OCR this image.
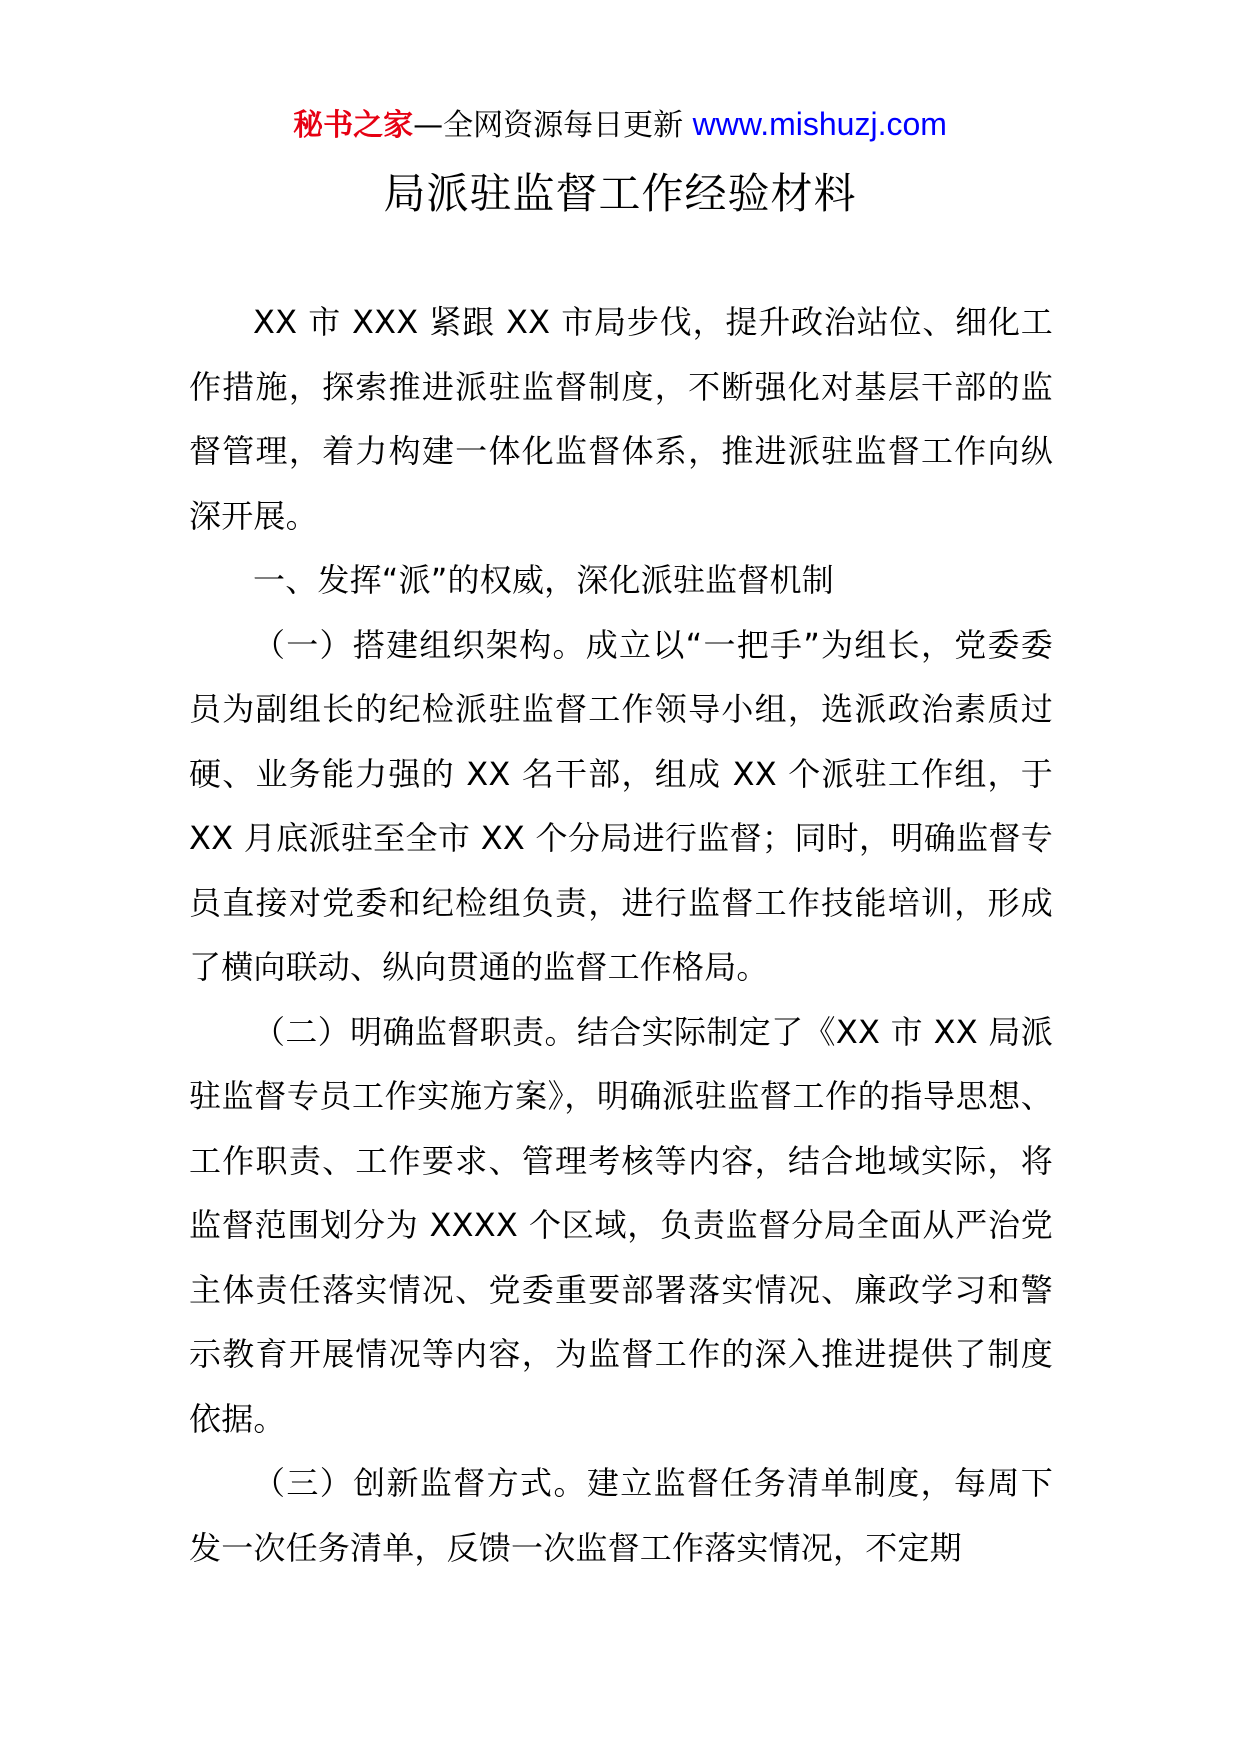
秘书之家—全网资源每日更新 www.mishuzj.com
局派驻监督工作经验材料

XX 市 XXX 紧跟 XX 市局步伐，提升政治站位、细化工作措施，探索推进派驻监督制度，不断强化对基层干部的监督管理，着力构建一体化监督体系，推进派驻监督工作向纵深开展。

一、发挥“派”的权威，深化派驻监督机制

（一）搭建组织架构。成立以“一把手”为组长，党委委员为副组长的纪检派驻监督工作领导小组，选派政治素质过硬、业务能力强的 XX 名干部，组成 XX 个派驻工作组，于 XX 月底派驻至全市 XX 个分局进行监督；同时，明确监督专员直接对党委和纪检组负责，进行监督工作技能培训，形成了横向联动、纵向贯通的监督工作格局。

（二）明确监督职责。结合实际制定了《XX 市 XX 局派驻监督专员工作实施方案》，明确派驻监督工作的指导思想、工作职责、工作要求、管理考核等内容，结合地域实际，将监督范围划分为 XXXX 个区域，负责监督分局全面从严治党主体责任落实情况、党委重要部署落实情况、廉政学习和警示教育开展情况等内容，为监督工作的深入推进提供了制度依据。

（三）创新监督方式。建立监督任务清单制度，每周下发一次任务清单，反馈一次监督工作落实情况，不定期
